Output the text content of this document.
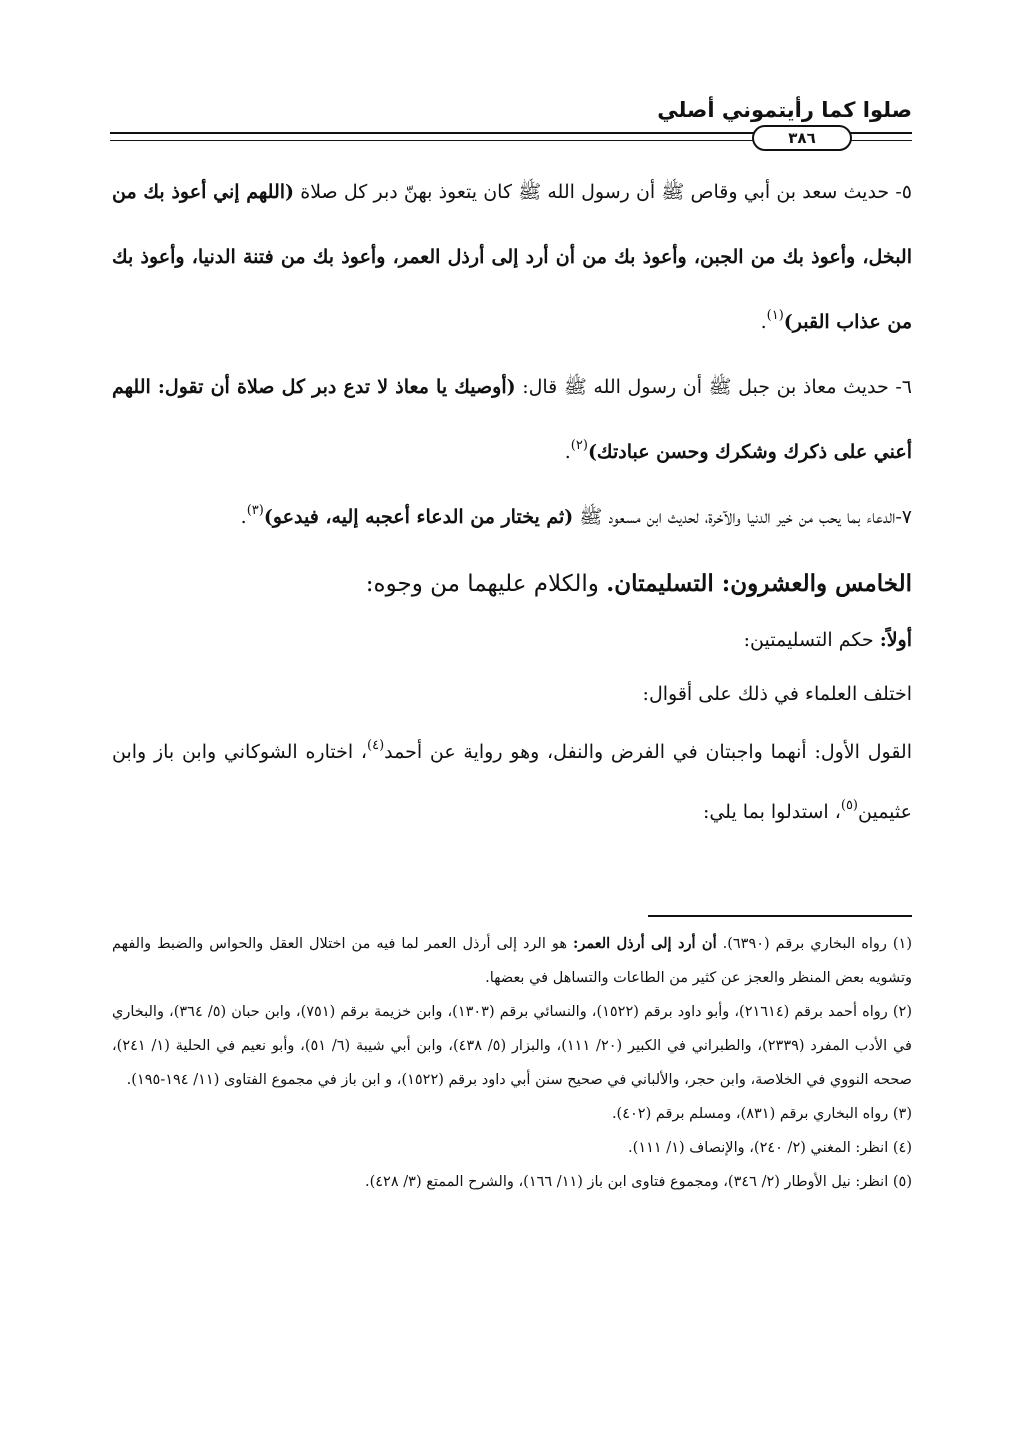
صلوا كما رأيتموني أصلي
٣٨٦

٥- حديث سعد بن أبي وقاص ﷺ أن رسول الله ﷺ كان يتعوذ بهنّ دبر كل صلاة (اللهم إني أعوذ بك من البخل، وأعوذ بك من الجبن، وأعوذ بك من أن أرد إلى أرذل العمر، وأعوذ بك من فتنة الدنيا، وأعوذ بك من عذاب القبر)$^{(١)}$.

٦- حديث معاذ بن جبل ﷺ أن رسول الله ﷺ قال: (أوصيك يا معاذ لا تدع دبر كل صلاة أن تقول: اللهم أعني على ذكرك وشكرك وحسن عبادتك)$^{(٢)}$.

٧-الدعاء بما يحب من خير الدنيا والآخرة، لحديث ابن مسعود ﷺ (ثم يختار من الدعاء أعجبه إليه، فيدعو)$^{(٣)}$.

الخامس والعشرون: التسليمتان. والكلام عليهما من وجوه:

أولاً: حكم التسليمتين:

اختلف العلماء في ذلك على أقوال:

القول الأول: أنهما واجبتان في الفرض والنفل، وهو رواية عن أحمد$^{(٤)}$، اختاره الشوكاني وابن باز وابن عثيمين$^{(٥)}$، استدلوا بما يلي:

(١) رواه البخاري برقم (٦٣٩٠). أن أرد إلى أرذل العمر: هو الرد إلى أرذل العمر لما فيه من اختلال العقل والحواس والضبط والفهم وتشويه بعض المنظر والعجز عن كثير من الطاعات والتساهل في بعضها.

(٢) رواه أحمد برقم (٢١٦١٤)، وأبو داود برقم (١٥٢٢)، والنسائي برقم (١٣٠٣)، وابن خزيمة برقم (٧٥١)، وابن حبان (٥/ ٣٦٤)، والبخاري في الأدب المفرد (٢٣٣٩)، والطبراني في الكبير (٢٠/ ١١١)، والبزار (٥/ ٤٣٨)، وابن أبي شيبة (٦/ ٥١)، وأبو نعيم في الحلية (١/ ٢٤١)، صححه النووي في الخلاصة، وابن حجر، والألباني في صحيح سنن أبي داود برقم (١٥٢٢)، و ابن باز في مجموع الفتاوى (١١/ ١٩٤-١٩٥).

(٣) رواه البخاري برقم (٨٣١)، ومسلم برقم (٤٠٢).

(٤) انظر: المغني (٢/ ٢٤٠)، والإنصاف (١/ ١١١).

(٥) انظر: نيل الأوطار (٢/ ٣٤٦)، ومجموع فتاوى ابن باز (١١/ ١٦٦)، والشرح الممتع (٣/ ٤٢٨).
